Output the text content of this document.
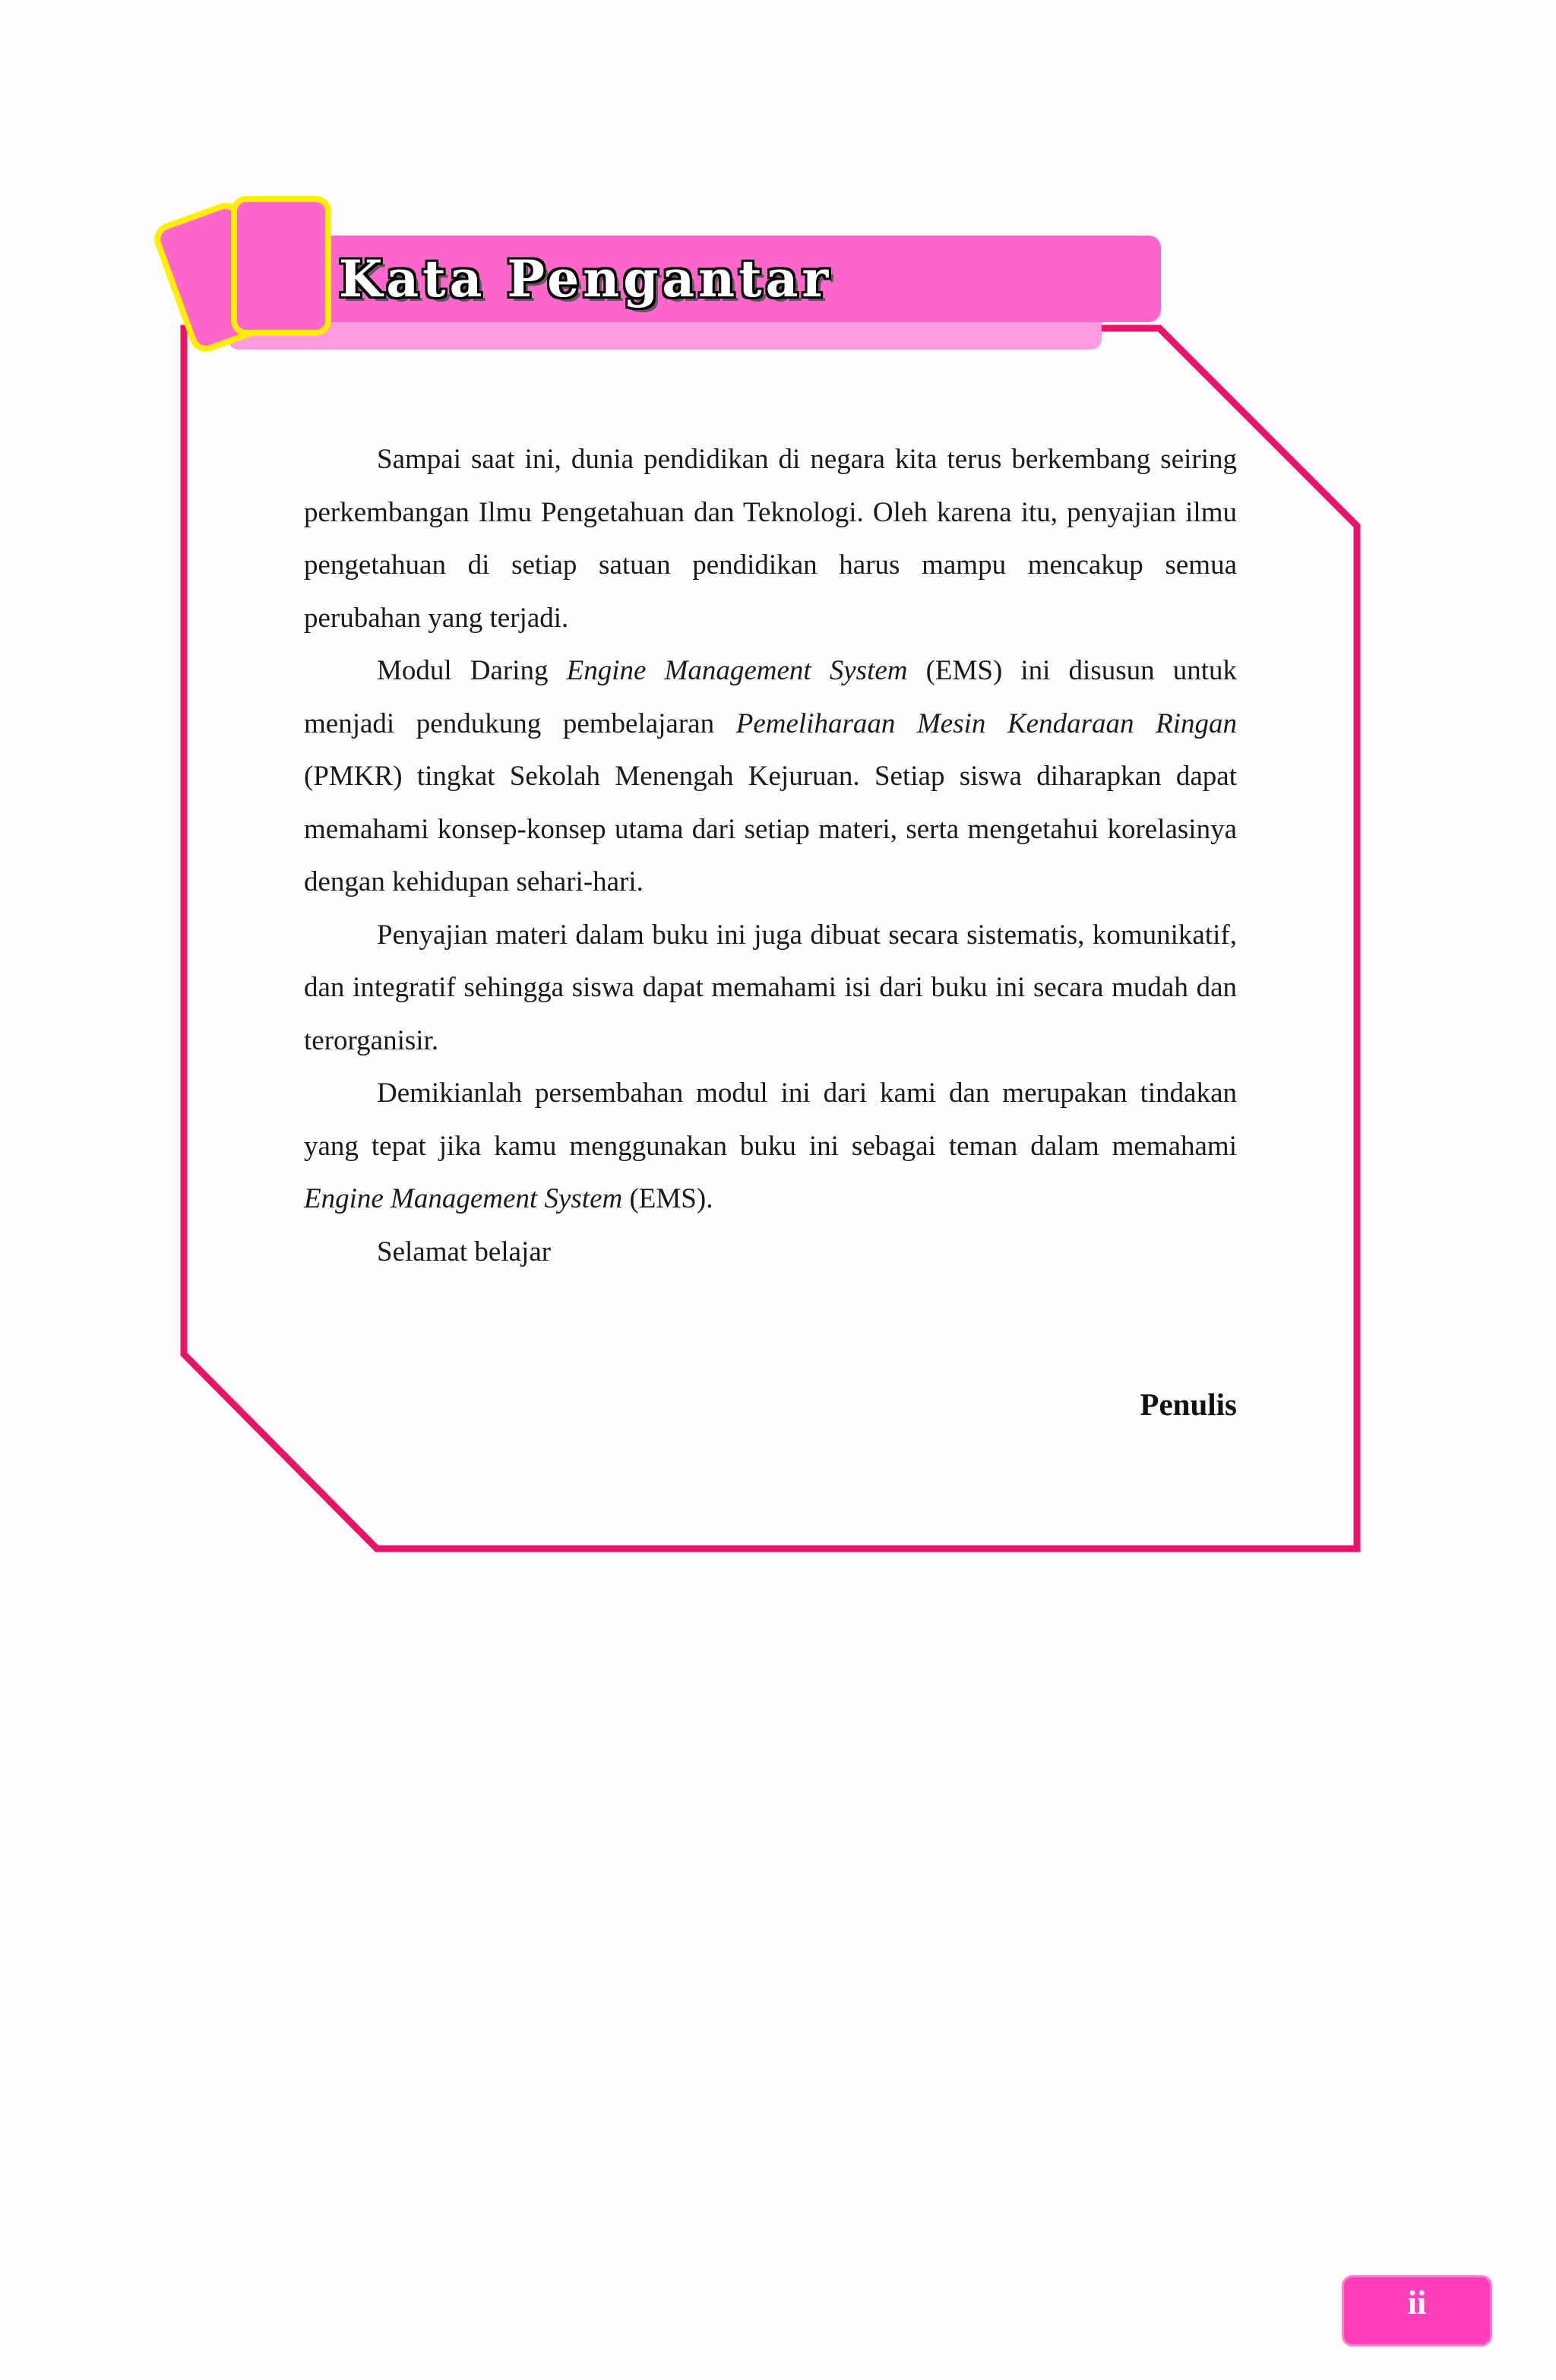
Kata Pengantar

Sampai saat ini, dunia pendidikan di negara kita terus berkembang seiring perkembangan Ilmu Pengetahuan dan Teknologi. Oleh karena itu, penyajian ilmu pengetahuan di setiap satuan pendidikan harus mampu mencakup semua perubahan yang terjadi.

Modul Daring Engine Management System (EMS) ini disusun untuk menjadi pendukung pembelajaran Pemeliharaan Mesin Kendaraan Ringan (PMKR) tingkat Sekolah Menengah Kejuruan. Setiap siswa diharapkan dapat memahami konsep-konsep utama dari setiap materi, serta mengetahui korelasinya dengan kehidupan sehari-hari.

Penyajian materi dalam buku ini juga dibuat secara sistematis, komunikatif, dan integratif sehingga siswa dapat memahami isi dari buku ini secara mudah dan terorganisir.

Demikianlah persembahan modul ini dari kami dan merupakan tindakan yang tepat jika kamu menggunakan buku ini sebagai teman dalam memahami Engine Management System (EMS).

Selamat belajar

Penulis

ii
